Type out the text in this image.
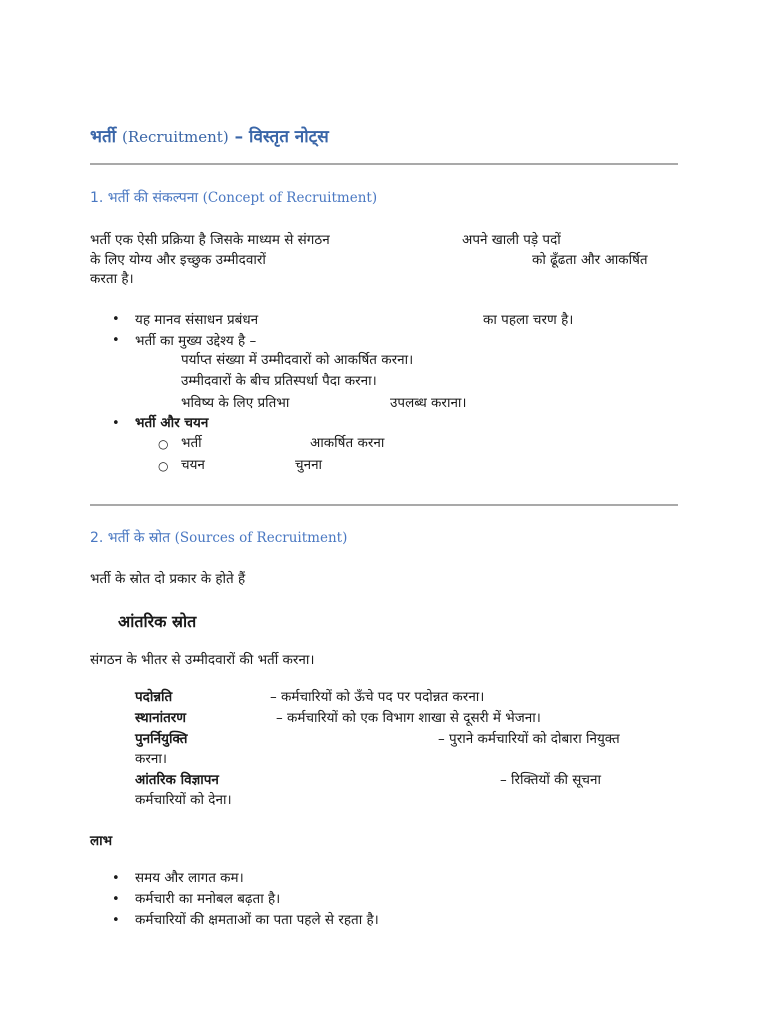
भर्ती (Recruitment) – विस्तृत नोट्स
1. भर्ती की संकल्पना (Concept of Recruitment)
भर्ती एक ऐसी प्रक्रिया है जिसके माध्यम से संगठन	अपने खाली पड़े पदों
के लिए योग्य और इच्छुक उम्मीदवारों	को ढूँढता और आकर्षित
करता है।
• यह मानव संसाधन प्रबंधन	का पहला चरण है।
• भर्ती का मुख्य उद्देश्य है –
पर्याप्त संख्या में उम्मीदवारों को आकर्षित करना।
उम्मीदवारों के बीच प्रतिस्पर्धा पैदा करना।
भविष्य के लिए प्रतिभा	उपलब्ध कराना।
• भर्ती और चयन
○ भर्ती	आकर्षित करना
○ चयन	चुनना
2. भर्ती के स्रोत (Sources of Recruitment)
भर्ती के स्रोत दो प्रकार के होते हैं
आंतरिक स्रोत
संगठन के भीतर से उम्मीदवारों की भर्ती करना।
पदोन्नति	– कर्मचारियों को ऊँचे पद पर पदोन्नत करना।
स्थानांतरण	– कर्मचारियों को एक विभाग शाखा से दूसरी में भेजना।
पुनर्नियुक्ति	– पुराने कर्मचारियों को दोबारा नियुक्त
करना।
आंतरिक विज्ञापन	– रिक्तियों की सूचना
कर्मचारियों को देना।
लाभ
• समय और लागत कम।
• कर्मचारी का मनोबल बढ़ता है।
• कर्मचारियों की क्षमताओं का पता पहले से रहता है।
